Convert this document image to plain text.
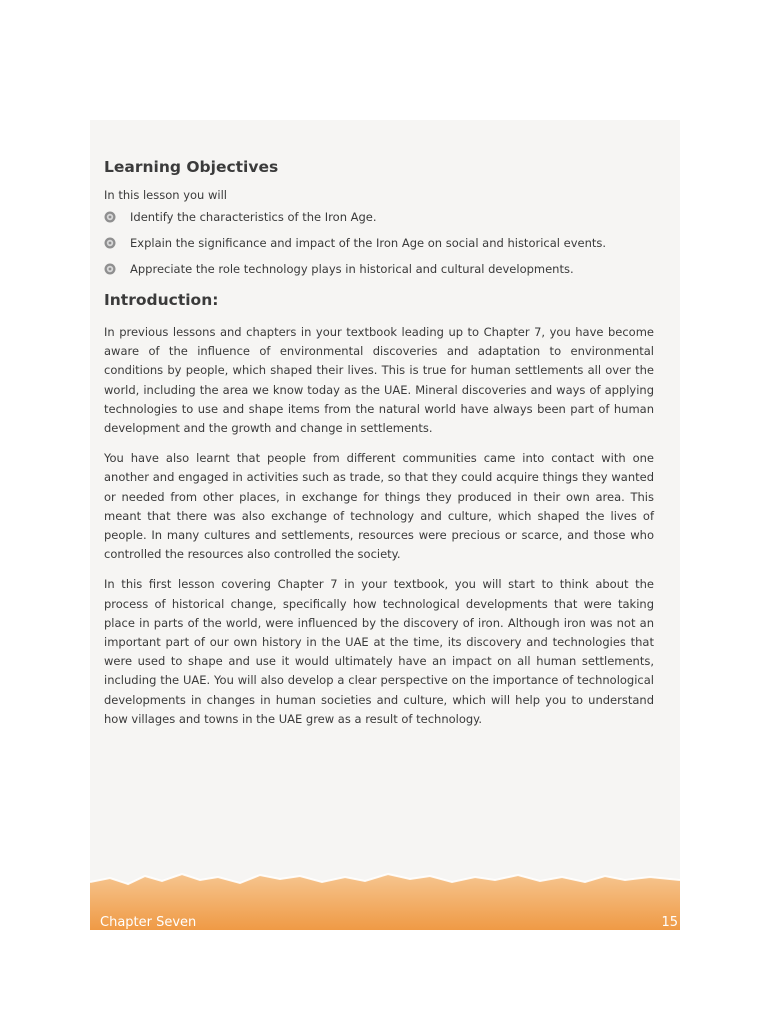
Learning Objectives

In this lesson you will

Identify the characteristics of the Iron Age.
Explain the significance and impact of the Iron Age on social and historical events.
Appreciate the role technology plays in historical and cultural developments.
Introduction:

In previous lessons and chapters in your textbook leading up to Chapter 7, you have become aware of the influence of environmental discoveries and adaptation to environmental conditions by people, which shaped their lives. This is true for human settlements all over the world, including the area we know today as the UAE. Mineral discoveries and ways of applying technologies to use and shape items from the natural world have always been part of human development and the growth and change in settlements.

You have also learnt that people from different communities came into contact with one another and engaged in activities such as trade, so that they could acquire things they wanted or needed from other places, in exchange for things they produced in their own area. This meant that there was also exchange of technology and culture, which shaped the lives of people. In many cultures and settlements, resources were precious or scarce, and those who controlled the resources also controlled the society.

In this first lesson covering Chapter 7 in your textbook, you will start to think about the process of historical change, specifically how technological developments that were taking place in parts of the world, were influenced by the discovery of iron. Although iron was not an important part of our own history in the UAE at the time, its discovery and technologies that were used to shape and use it would ultimately have an impact on all human settlements, including the UAE. You will also develop a clear perspective on the importance of technological developments in changes in human societies and culture, which will help you to understand how villages and towns in the UAE grew as a result of technology.

Chapter Seven	15
